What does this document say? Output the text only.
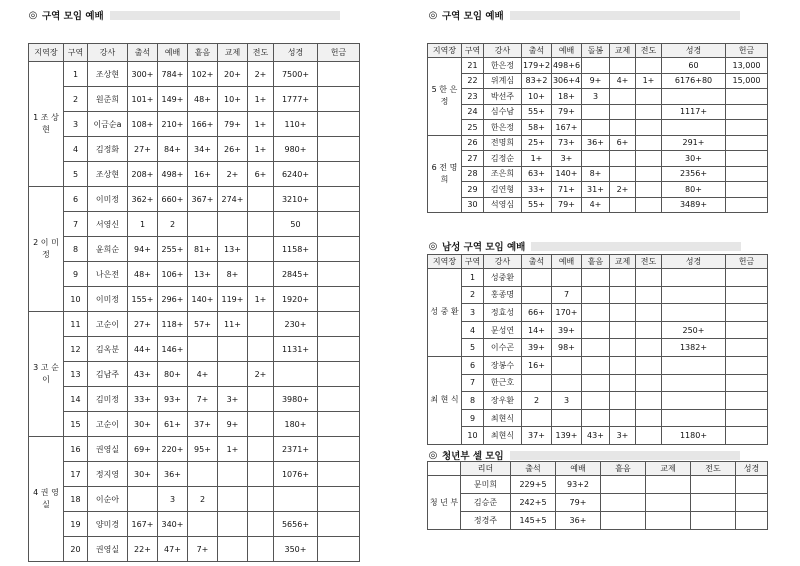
◎ 구역 모임 예배
지역장	구역	강사	출석	예배	흩음	교제	전도	성경	헌금
1 조 상 현	1	조상현	300+	784+	102+	20+	2+	7500+	
	2	원준희	101+	149+	48+	10+	1+	1777+	
	3	이금순a	108+	210+	166+	79+	1+	110+	
	4	김정화	27+	84+	34+	26+	1+	980+	
	5	조상현	208+	498+	16+	2+	6+	6240+	
2 이 미 정	6	이미정	362+	660+	367+	274+		3210+	
	7	서영신	1	2				50	
	8	윤희순	94+	255+	81+	13+		1158+	
	9	나은전	48+	106+	13+	8+		2845+	
	10	이미정	155+	296+	140+	119+	1+	1920+	
3 고 순 이	11	고순이	27+	118+	57+	11+		230+	
	12	김옥분	44+	146+				1131+	
	13	김남주	43+	80+	4+		2+		
	14	김미정	33+	93+	7+	3+		3980+	
	15	고순이	30+	61+	37+	9+		180+	
4 권 영 실	16	권영실	69+	220+	95+	1+		2371+	
	17	정지영	30+	36+				1076+	
	18	이순아		3	2				
	19	양미경	167+	340+				5656+	
	20	권영실	22+	47+	7+			350+	
◎ 구역 모임 예배
지역장	구역	강사	출석	예배	돌봄	교제	전도	성경	헌금
5 한 은 정	21	한은정	179+2	498+6				60	13,000
	22	위계심	83+2	306+4	9+	4+	1+	6176+80	15,000
	23	박선주	10+	18+	3				
	24	심수남	55+	79+				1117+	
	25	한은정	58+	167+					
6 전 명 희	26	전명희	25+	73+	36+	6+		291+	
	27	김정순	1+	3+				30+	
	28	조은희	63+	140+	8+			2356+	
	29	김연형	33+	71+	31+	2+		80+	
	30	석영심	55+	79+	4+			3489+	
◎ 남성 구역 모임 예배
지역장	구역	강사	출석	예배	흩음	교제	전도	성경	헌금
성 중 환	1	성중환							
	2	홍종명		7					
	3	정효성	66+	170+					
	4	문성연	14+	39+				250+	
	5	이수곤	39+	98+				1382+	
최 현 식	6	장봉수	16+						
	7	한근호							
	8	장우환	2	3					
	9	최현식							
	10	최현식	37+	139+	43+	3+		1180+	
◎ 청년부 셀 모임
	리더	출석	예배	흩음	교제	전도	성경
청 년 부	문미희	229+5	93+2				
	김승준	242+5	79+				
	정경주	145+5	36+				
